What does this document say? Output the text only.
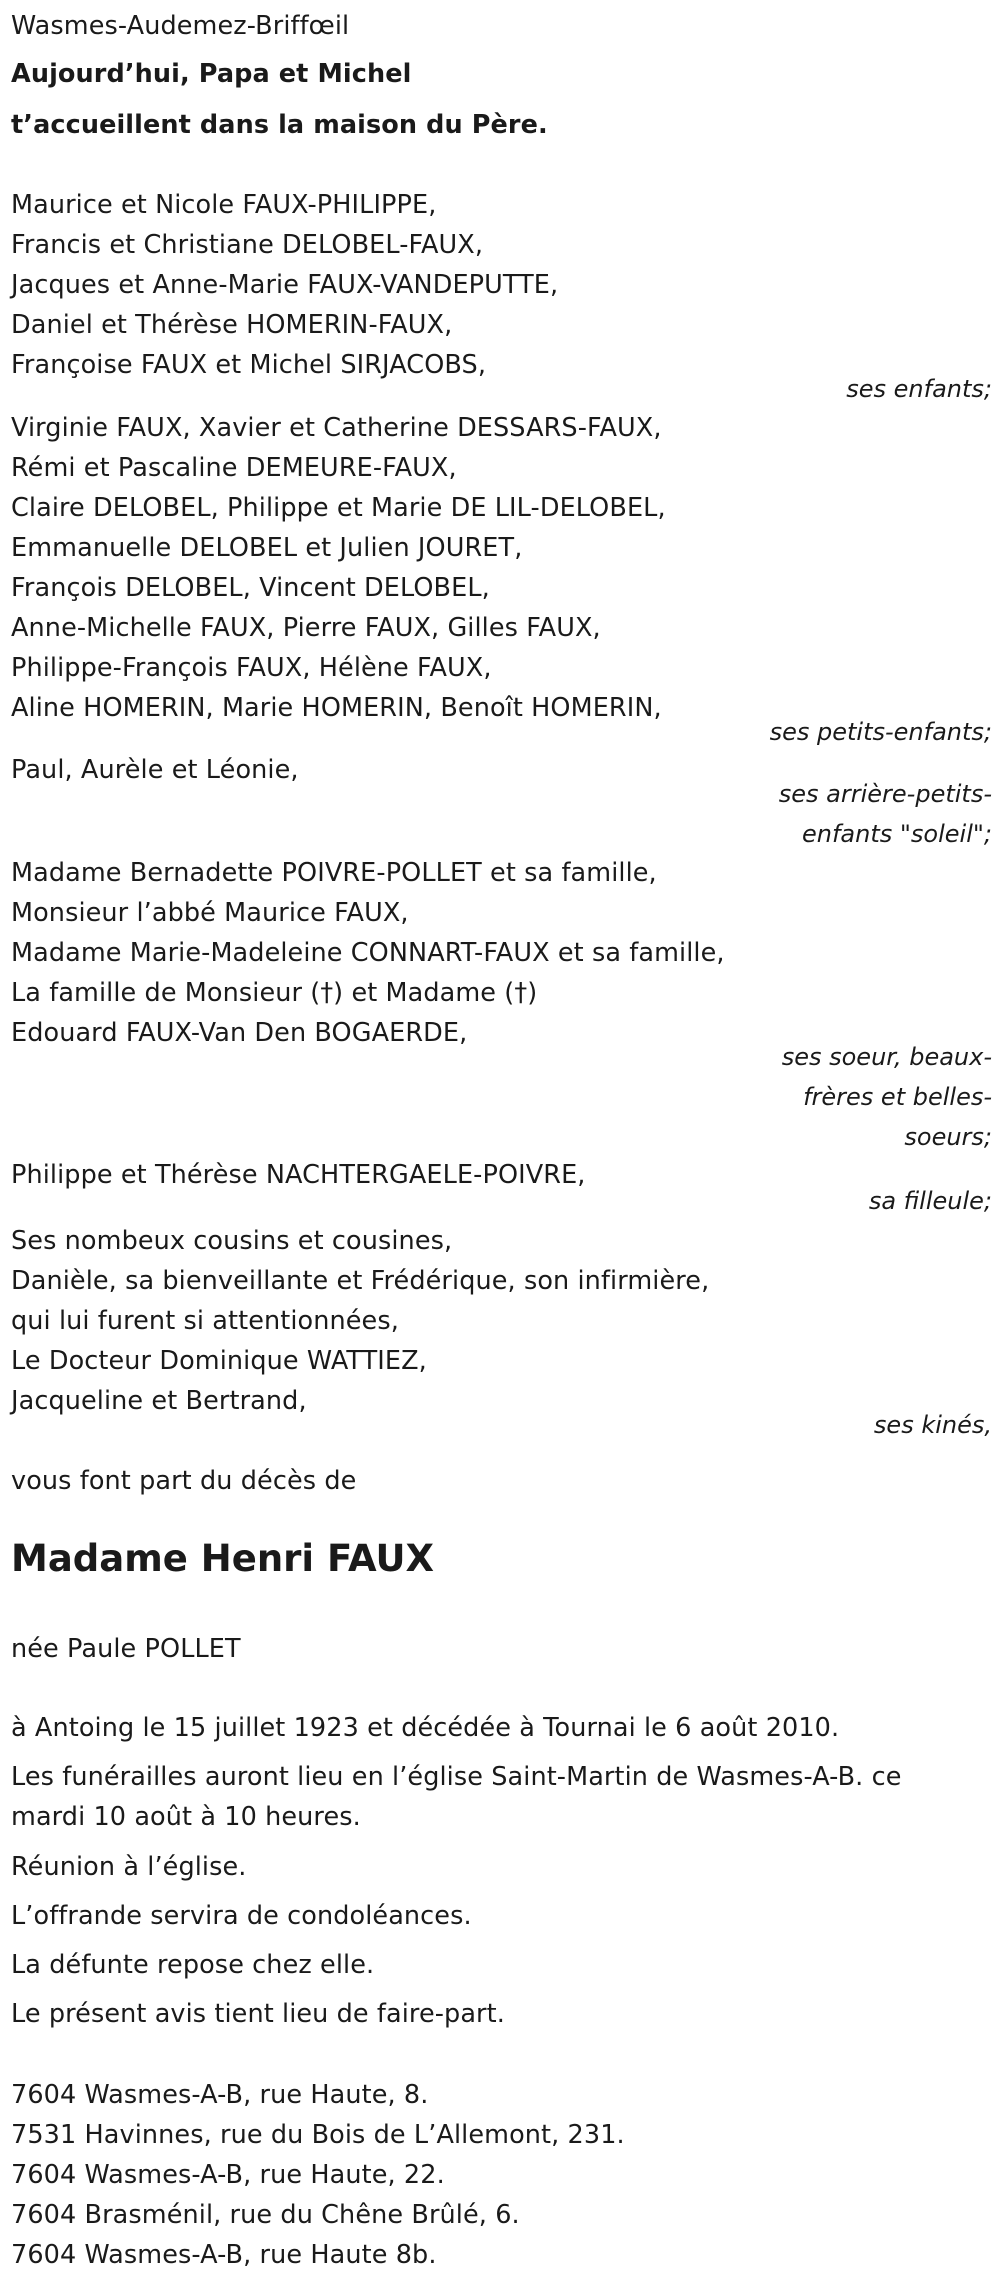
Wasmes-Audemez-Briffœil
Aujourd’hui, Papa et Michel
t’accueillent dans la maison du Père.
Maurice et Nicole FAUX-PHILIPPE,
Francis et Christiane DELOBEL-FAUX,
Jacques et Anne-Marie FAUX-VANDEPUTTE,
Daniel et Thérèse HOMERIN-FAUX,
Françoise FAUX et Michel SIRJACOBS,
ses enfants;
Virginie FAUX, Xavier et Catherine DESSARS-FAUX,
Rémi et Pascaline DEMEURE-FAUX,
Claire DELOBEL, Philippe et Marie DE LIL-DELOBEL,
Emmanuelle DELOBEL et Julien JOURET,
François DELOBEL, Vincent DELOBEL,
Anne-Michelle FAUX, Pierre FAUX, Gilles FAUX,
Philippe-François FAUX, Hélène FAUX,
Aline HOMERIN, Marie HOMERIN, Benoît HOMERIN,
ses petits-enfants;
Paul, Aurèle et Léonie,
ses arrière-petits-
enfants "soleil";
Madame Bernadette POIVRE-POLLET et sa famille,
Monsieur l’abbé Maurice FAUX,
Madame Marie-Madeleine CONNART-FAUX et sa famille,
La famille de Monsieur (†) et Madame (†)
Edouard FAUX-Van Den BOGAERDE,
ses soeur, beaux-
frères et belles-
soeurs;
Philippe et Thérèse NACHTERGAELE-POIVRE,
sa filleule;
Ses nombeux cousins et cousines,
Danièle, sa bienveillante et Frédérique, son infirmière,
qui lui furent si attentionnées,
Le Docteur Dominique WATTIEZ,
Jacqueline et Bertrand,
ses kinés,
vous font part du décès de
Madame Henri FAUX
née Paule POLLET
à Antoing le 15 juillet 1923 et décédée à Tournai le 6 août 2010.
Les funérailles auront lieu en l’église Saint-Martin de Wasmes-A-B. ce
mardi 10 août à 10 heures.
Réunion à l’église.
L’offrande servira de condoléances.
La défunte repose chez elle.
Le présent avis tient lieu de faire-part.
7604 Wasmes-A-B, rue Haute, 8.
7531 Havinnes, rue du Bois de L’Allemont, 231.
7604 Wasmes-A-B, rue Haute, 22.
7604 Brasménil, rue du Chêne Brûlé, 6.
7604 Wasmes-A-B, rue Haute 8b.
